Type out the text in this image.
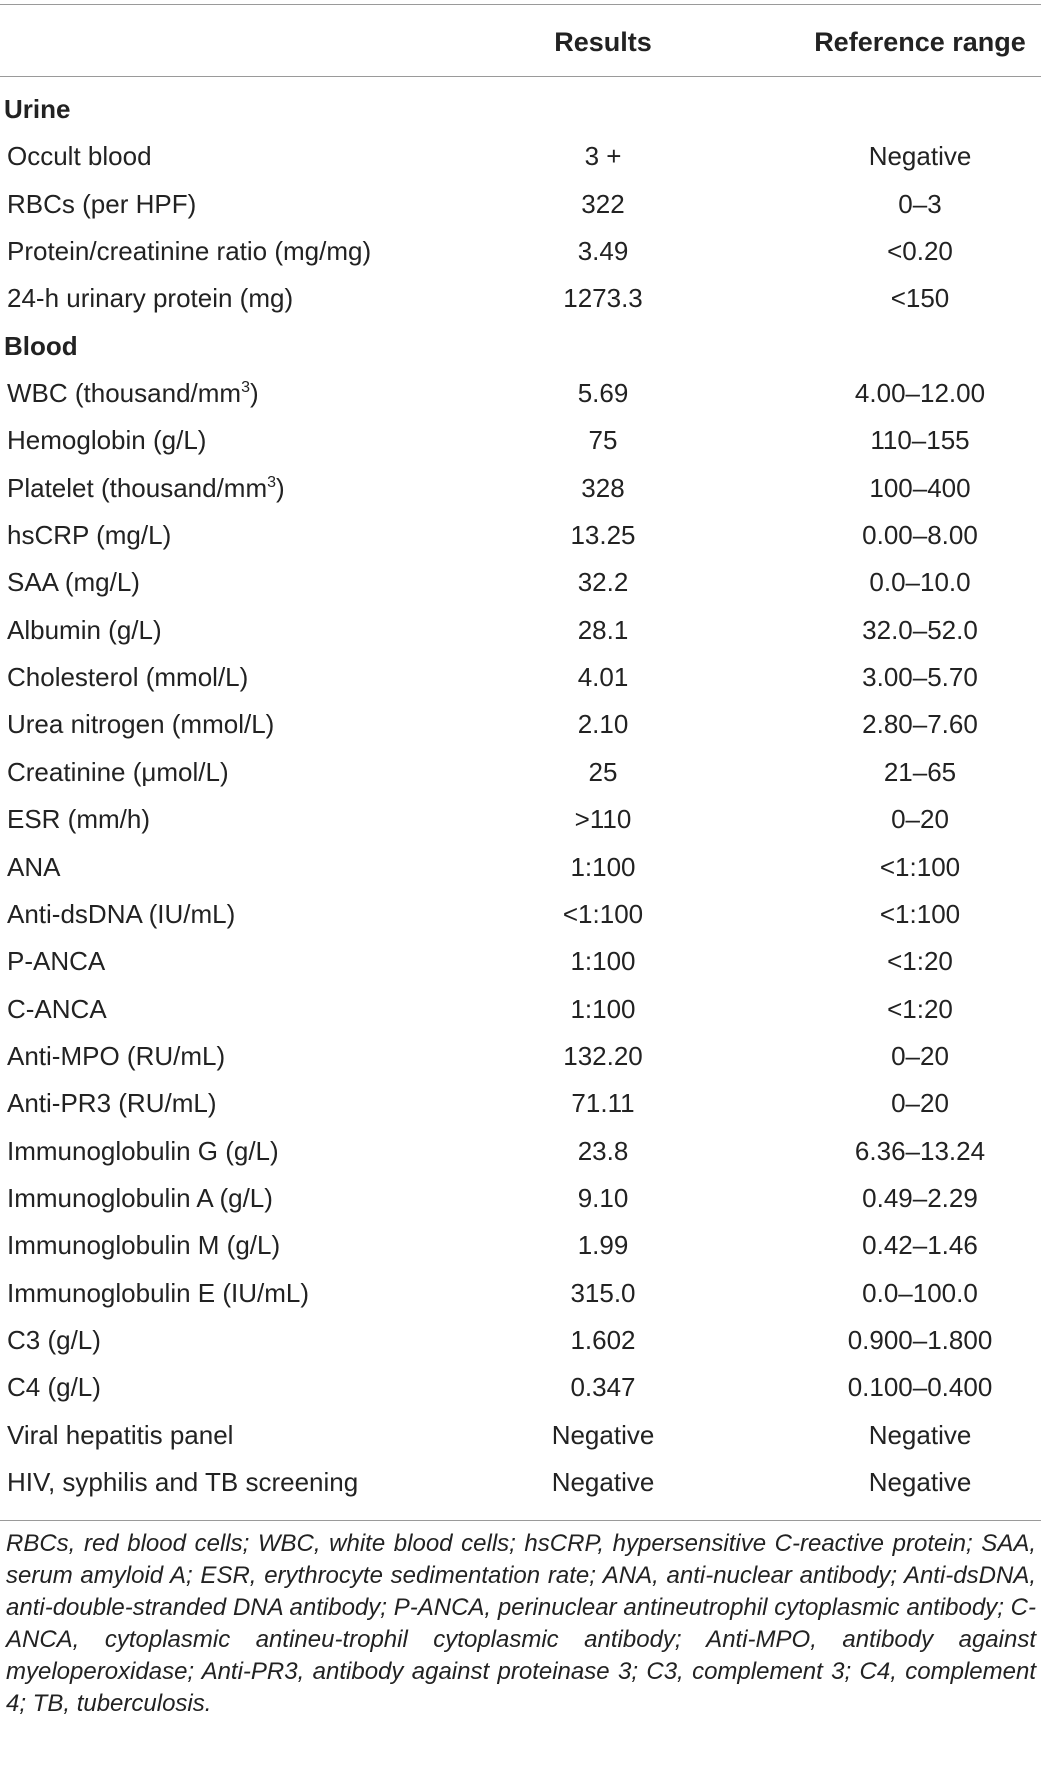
Results	Reference range
Urine
Occult blood	3 +	Negative
RBCs (per HPF)	322	0–3
Protein/creatinine ratio (mg/mg)	3.49	<0.20
24-h urinary protein (mg)	1273.3	<150
Blood
WBC $(thousand/mm^3)$	5.69	4.00–12.00
Hemoglobin (g/L)	75	110–155
Platelet $(thousand/mm^3)$	328	100–400
hsCRP (mg/L)	13.25	0.00–8.00
SAA (mg/L)	32.2	0.0–10.0
Albumin (g/L)	28.1	32.0–52.0
Cholesterol (mmol/L)	4.01	3.00–5.70
Urea nitrogen (mmol/L)	2.10	2.80–7.60
Creatinine (μmol/L)	25	21–65
ESR (mm/h)	>110	0–20
ANA	1:100	<1:100
Anti-dsDNA (IU/mL)	<1:100	<1:100
P-ANCA	1:100	<1:20
C-ANCA	1:100	<1:20
Anti-MPO (RU/mL)	132.20	0–20
Anti-PR3 (RU/mL)	71.11	0–20
Immunoglobulin G (g/L)	23.8	6.36–13.24
Immunoglobulin A (g/L)	9.10	0.49–2.29
Immunoglobulin M (g/L)	1.99	0.42–1.46
Immunoglobulin E (IU/mL)	315.0	0.0–100.0
C3 (g/L)	1.602	0.900–1.800
C4 (g/L)	0.347	0.100–0.400
Viral hepatitis panel	Negative	Negative
HIV, syphilis and TB screening	Negative	Negative
RBCs, red blood cells; WBC, white blood cells; hsCRP, hypersensitive C-reactive protein; SAA, serum amyloid A; ESR, erythrocyte sedimentation rate; ANA, anti-nuclear antibody; Anti-dsDNA, anti-double-stranded DNA antibody; P-ANCA, perinuclear antineutrophil cytoplasmic antibody; C-ANCA, cytoplasmic antineu-trophil cytoplasmic antibody; Anti-MPO, antibody against myeloperoxidase; Anti-PR3, antibody against proteinase 3; C3, complement 3; C4, complement 4; TB, tuberculosis.
